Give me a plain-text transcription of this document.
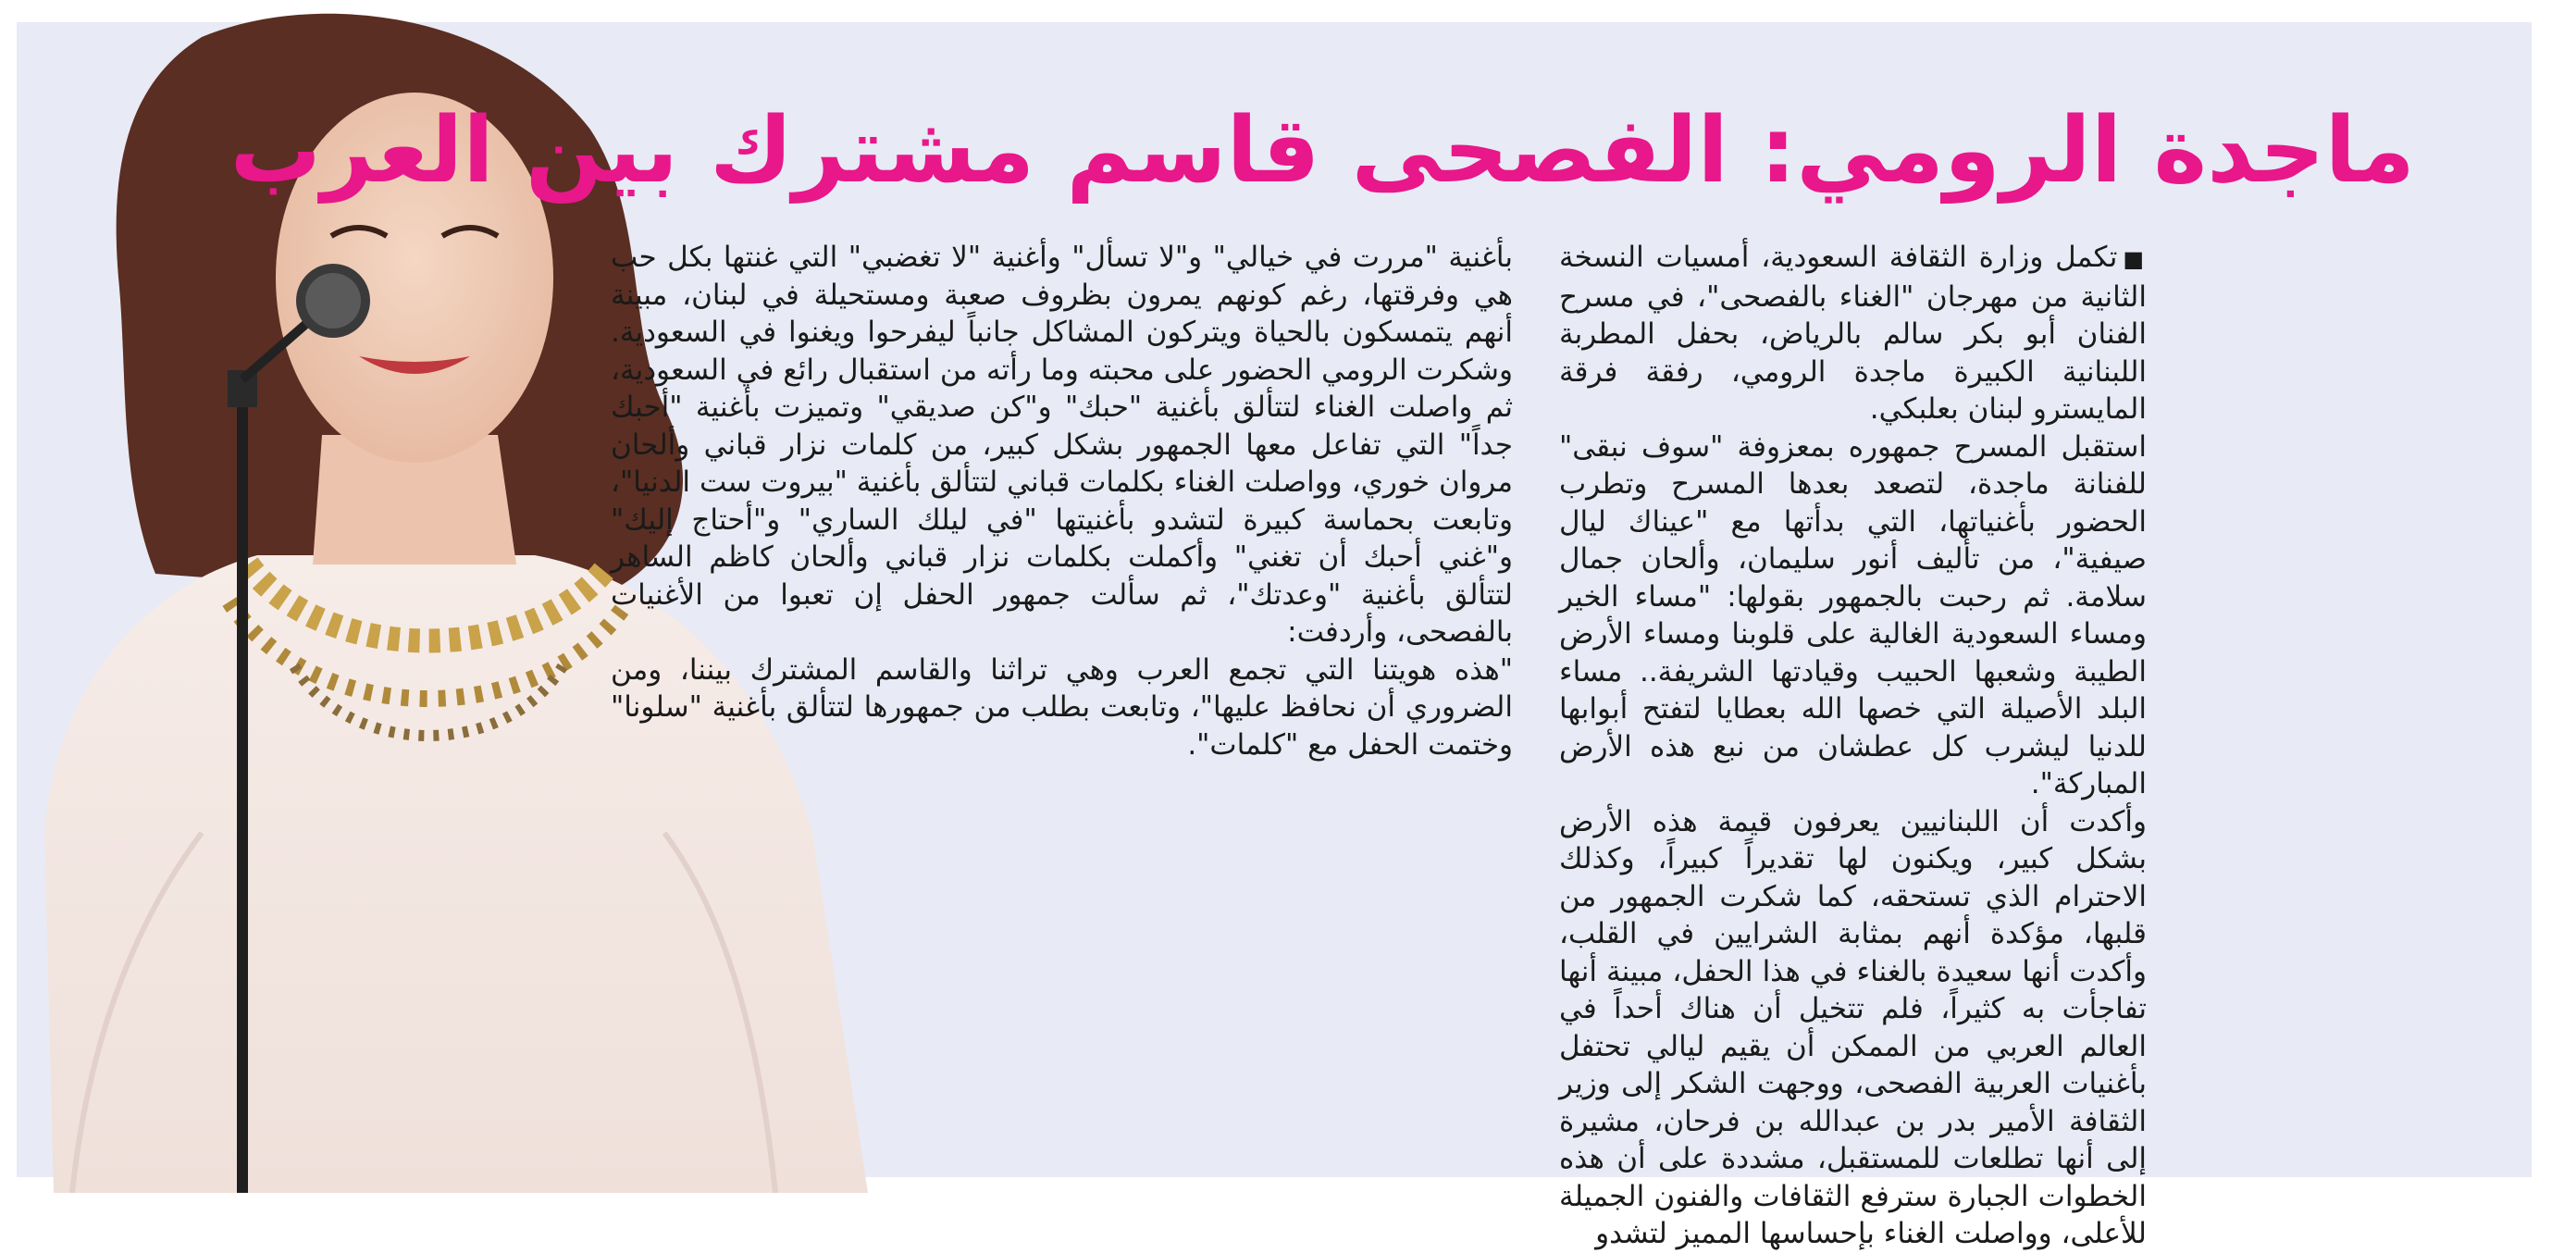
ماجدة الرومي: الفصحى قاسم مشترك بين العرب

■تكمل وزارة الثقافة السعودية، أمسيات النسخة الثانية من مهرجان "الغناء بالفصحى"، في مسرح الفنان أبو بكر سالم بالرياض، بحفل المطربة اللبنانية الكبيرة ماجدة الرومي، رفقة فرقة المايسترو لبنان بعلبكي.

استقبل المسرح جمهوره بمعزوفة "سوف نبقى" للفنانة ماجدة، لتصعد بعدها المسرح وتطرب الحضور بأغنياتها، التي بدأتها مع "عيناك ليال صيفية"، من تأليف أنور سليمان، وألحان جمال سلامة. ثم رحبت بالجمهور بقولها: "مساء الخير ومساء السعودية الغالية على قلوبنا ومساء الأرض الطيبة وشعبها الحبيب وقيادتها الشريفة.. مساء البلد الأصيلة التي خصها الله بعطايا لتفتح أبوابها للدنيا ليشرب كل عطشان من نبع هذه الأرض المباركة".

وأكدت أن اللبنانيين يعرفون قيمة هذه الأرض بشكل كبير، ويكنون لها تقديراً كبيراً، وكذلك الاحترام الذي تستحقه، كما شكرت الجمهور من قلبها، مؤكدة أنهم بمثابة الشرايين في القلب، وأكدت أنها سعيدة بالغناء في هذا الحفل، مبينة أنها تفاجأت به كثيراً، فلم تتخيل أن هناك أحداً في العالم العربي من الممكن أن يقيم ليالي تحتفل بأغنيات العربية الفصحى، ووجهت الشكر إلى وزير الثقافة الأمير بدر بن عبدالله بن فرحان، مشيرة إلى أنها تطلعات للمستقبل، مشددة على أن هذه الخطوات الجبارة سترفع الثقافات والفنون الجميلة للأعلى، وواصلت الغناء بإحساسها المميز لتشدو

بأغنية "مررت في خيالي" و"لا تسأل" وأغنية "لا تغضبي" التي غنتها بكل حب هي وفرقتها، رغم كونهم يمرون بظروف صعبة ومستحيلة في لبنان، مبينة أنهم يتمسكون بالحياة ويتركون المشاكل جانباً ليفرحوا ويغنوا في السعودية. وشكرت الرومي الحضور على محبته وما رأته من استقبال رائع في السعودية، ثم واصلت الغناء لتتألق بأغنية "حبك" و"كن صديقي" وتميزت بأغنية "أحبك جداً" التي تفاعل معها الجمهور بشكل كبير، من كلمات نزار قباني وألحان مروان خوري، وواصلت الغناء بكلمات قباني لتتألق بأغنية "بيروت ست الدنيا"، وتابعت بحماسة كبيرة لتشدو بأغنيتها "في ليلك الساري" و"أحتاج إليك" و"غني أحبك أن تغني" وأكملت بكلمات نزار قباني وألحان كاظم الساهر لتتألق بأغنية "وعدتك"، ثم سألت جمهور الحفل إن تعبوا من الأغنيات بالفصحى، وأردفت:

"هذه هويتنا التي تجمع العرب وهي تراثنا والقاسم المشترك بيننا، ومن الضروري أن نحافظ عليها"، وتابعت بطلب من جمهورها لتتألق بأغنية "سلونا" وختمت الحفل مع "كلمات".
